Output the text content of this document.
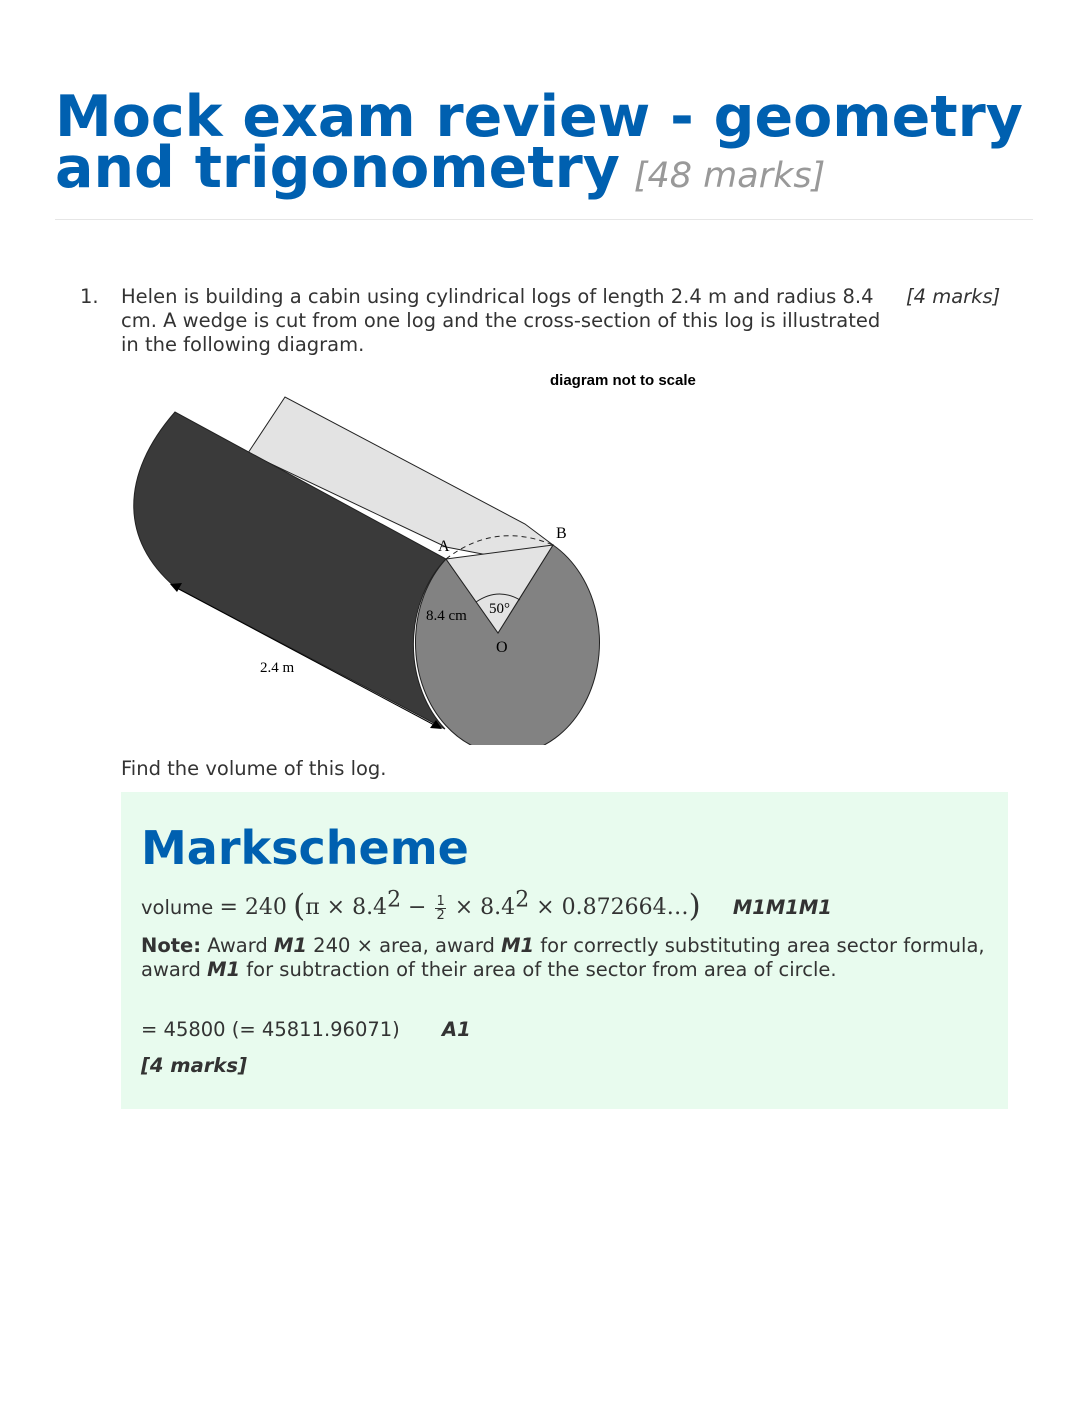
Mock exam review - geometry and trigonometry [48 marks]
1. Helen is building a cabin using cylindrical logs of length 2.4 m and radius 8.4 cm. A wedge is cut from one log and the cross-section of this log is illustrated in the following diagram.
[4 marks]
diagram not to scale
A
B
O
8.4 cm 50°
2.4 m
Find the volume of this log.
Markscheme
volume = 240 ($\pi \times 8.4^2 - \frac{1}{2} \times 8.4^2$ × 0.872664…) M1M1M1
Note: Award M1 240 × area, award M1 for correctly substituting area sector formula, award M1 for subtraction of their area of the sector from area of circle.
= 45800 (= 45811.96071) A1
[4 marks]
